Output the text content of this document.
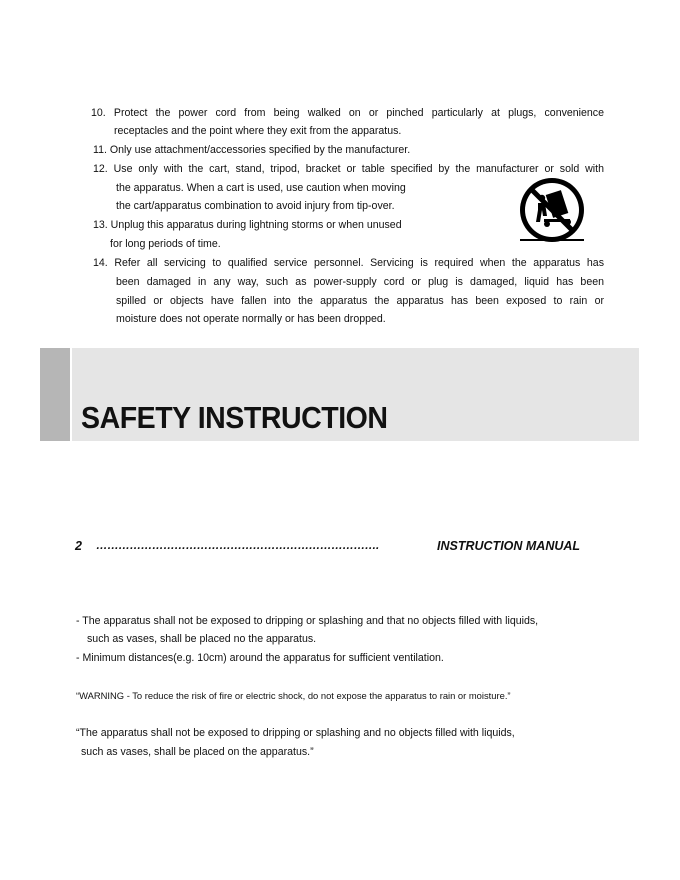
10. Protect the power cord from being walked on or pinched particularly at plugs, convenience

receptacles and the point where they exit from the apparatus.

11. Only use attachment/accessories specified by the manufacturer.

12. Use only with the cart, stand, tripod, bracket or table specified by the manufacturer or sold with

the apparatus. When a cart is used, use caution when moving

the cart/apparatus combination to avoid injury from tip-over.

13. Unplug this apparatus during lightning storms or when unused

for long periods of time.

14. Refer all servicing to qualified service personnel. Servicing is required when the apparatus has

been damaged in any way, such as power-supply cord or plug is damaged, liquid has been

spilled or objects have fallen into the apparatus the apparatus has been exposed to rain or

moisture does not operate normally or has been dropped.

SAFETY INSTRUCTION
2 ………………………………………………………………….	INSTRUCTION MANUAL

- The apparatus shall not be exposed to dripping or splashing and that no objects filled with liquids,

such as vases, shall be placed no the apparatus.

- Minimum distances(e.g. 10cm) around the apparatus for sufficient ventilation.

“WARNING - To reduce the risk of fire or electric shock, do not expose the apparatus to rain or moisture.”

“The apparatus shall not be exposed to dripping or splashing and no objects filled with liquids,

such as vases, shall be placed on the apparatus.”
